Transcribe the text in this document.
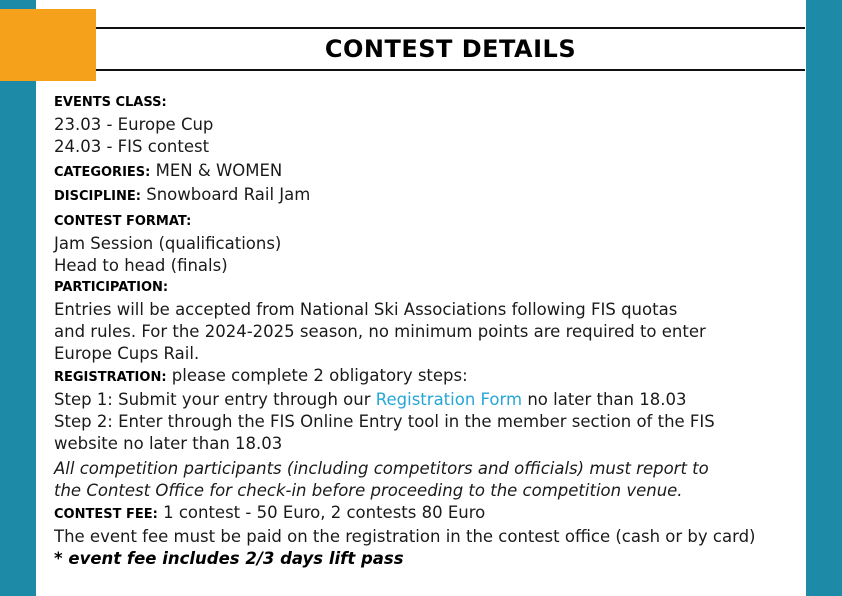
CONTEST DETAILS
EVENTS CLASS:
23.03 - Europe Cup
24.03 - FIS contest
CATEGORIES: MEN & WOMEN
DISCIPLINE: Snowboard Rail Jam
CONTEST FORMAT:
Jam Session (qualifications)
Head to head (finals)
PARTICIPATION:
Entries will be accepted from National Ski Associations following FIS quotas
and rules. For the 2024-2025 season, no minimum points are required to enter
Europe Cups Rail.
REGISTRATION: please complete 2 obligatory steps:
Step 1: Submit your entry through our Registration Form no later than 18.03
Step 2: Enter through the FIS Online Entry tool in the member section of the FIS
website no later than 18.03
All competition participants (including competitors and officials) must report to
the Contest Office for check-in before proceeding to the competition venue.
CONTEST FEE: 1 contest - 50 Euro, 2 contests 80 Euro
The event fee must be paid on the registration in the contest office (cash or by card)
* event fee includes 2/3 days lift pass
